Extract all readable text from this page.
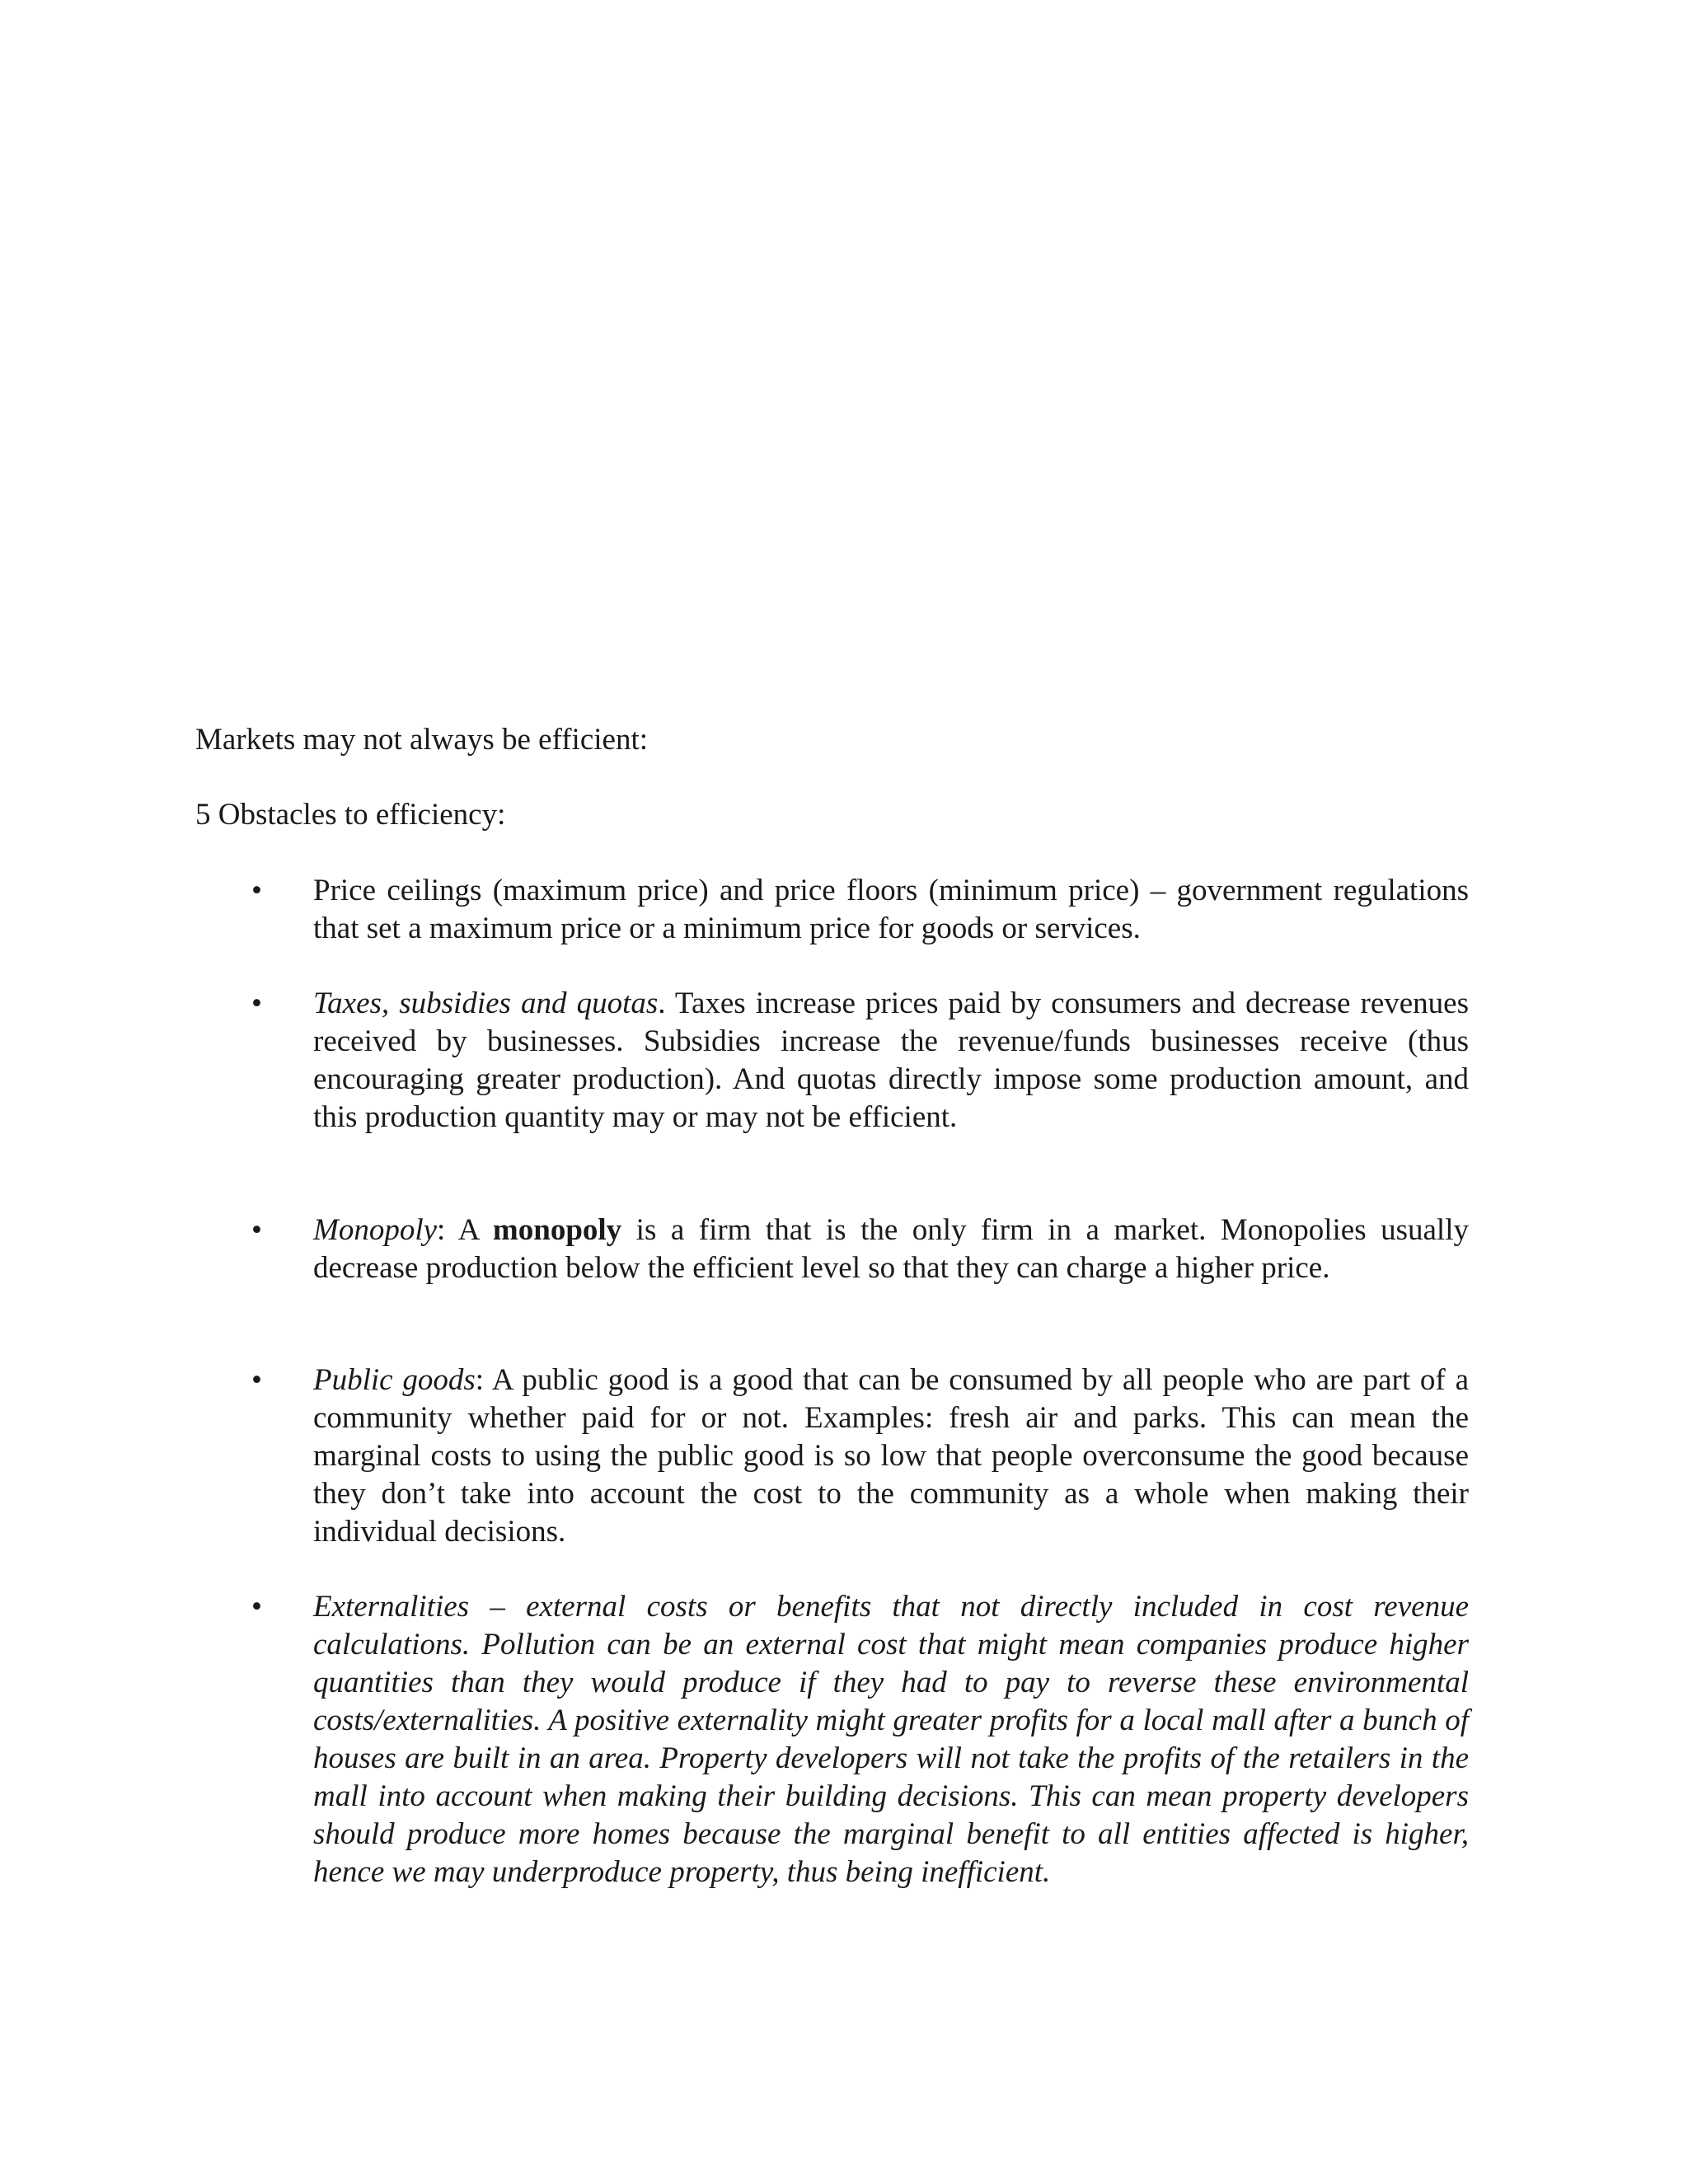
Markets may not always be efficient:

5 Obstacles to efficiency:

• Price ceilings (maximum price) and price floors (minimum price) – government regulations that set a maximum price or a minimum price for goods or services.

• Taxes, subsidies and quotas. Taxes increase prices paid by consumers and decrease revenues received by businesses. Subsidies increase the revenue/funds businesses receive (thus encouraging greater production). And quotas directly impose some production amount, and this production quantity may or may not be efficient.

• Monopoly: A monopoly is a firm that is the only firm in a market. Monopolies usually decrease production below the efficient level so that they can charge a higher price.

• Public goods: A public good is a good that can be consumed by all people who are part of a community whether paid for or not. Examples: fresh air and parks. This can mean the marginal costs to using the public good is so low that people overconsume the good because they don’t take into account the cost to the community as a whole when making their individual decisions.

• Externalities – external costs or benefits that not directly included in cost revenue calculations. Pollution can be an external cost that might mean companies produce higher quantities than they would produce if they had to pay to reverse these environmental costs/externalities. A positive externality might greater profits for a local mall after a bunch of houses are built in an area. Property developers will not take the profits of the retailers in the mall into account when making their building decisions. This can mean property developers should produce more homes because the marginal benefit to all entities affected is higher, hence we may underproduce property, thus being inefficient.
